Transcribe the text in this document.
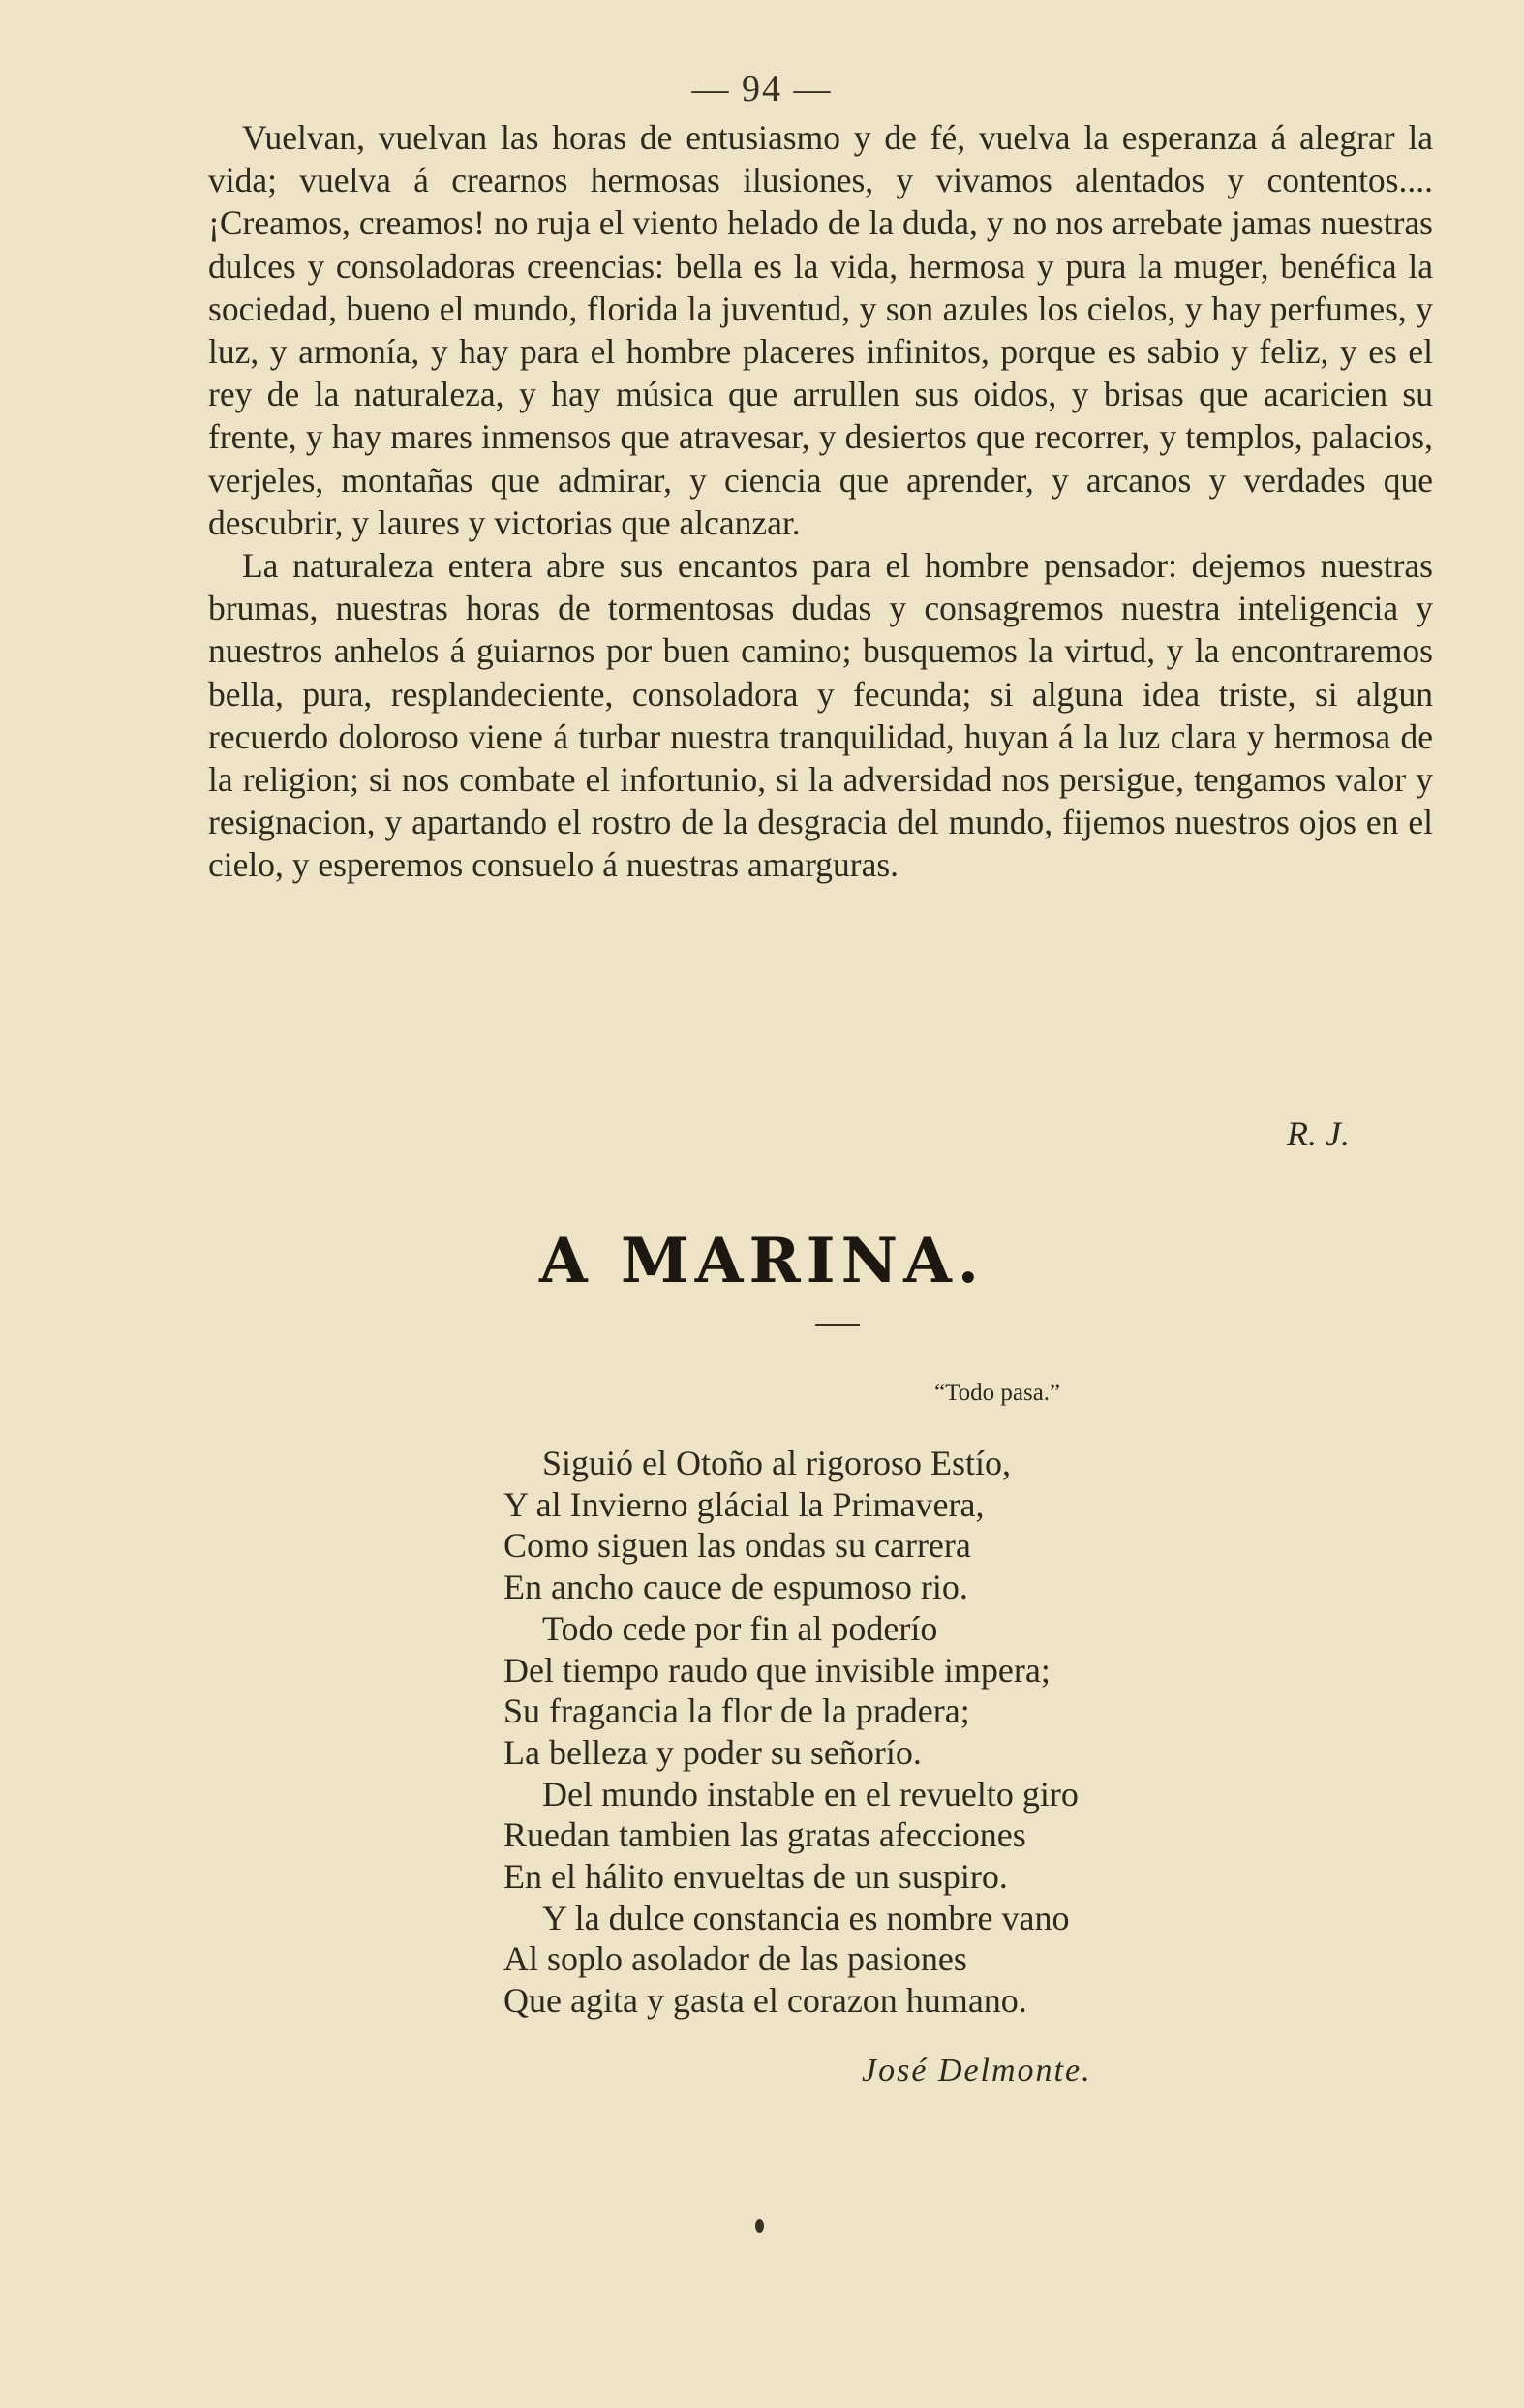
— 94 —

Vuelvan, vuelvan las horas de entusiasmo y de fé, vuelva la esperanza á alegrar la vida; vuelva á crearnos hermosas ilusiones, y vivamos alentados y contentos.... ¡Creamos, creamos! no ruja el viento helado de la duda, y no nos arrebate jamas nuestras dulces y consoladoras creencias: bella es la vida, hermosa y pura la muger, benéfica la sociedad, bueno el mundo, florida la juventud, y son azules los cielos, y hay perfumes, y luz, y armonía, y hay para el hombre placeres infinitos, porque es sabio y feliz, y es el rey de la naturaleza, y hay música que arrullen sus oidos, y brisas que acaricien su frente, y hay mares inmensos que atravesar, y desiertos que recorrer, y templos, palacios, verjeles, montañas que admirar, y ciencia que aprender, y arcanos y verdades que descubrir, y laures y victorias que alcanzar.

La naturaleza entera abre sus encantos para el hombre pensador: dejemos nuestras brumas, nuestras horas de tormentosas dudas y consagremos nuestra inteligencia y nuestros anhelos á guiarnos por buen camino; busquemos la virtud, y la encontraremos bella, pura, resplandeciente, consoladora y fecunda; si alguna idea triste, si algun recuerdo doloroso viene á turbar nuestra tranquilidad, huyan á la luz clara y hermosa de la religion; si nos combate el infortunio, si la adversidad nos persigue, tengamos valor y resignacion, y apartando el rostro de la desgracia del mundo, fijemos nuestros ojos en el cielo, y esperemos consuelo á nuestras amarguras.

R. J.
A MARINA.
“Todo pasa.”
Siguió el Otoño al rigoroso Estío,
Y al Invierno glácial la Primavera,
Como siguen las ondas su carrera
En ancho cauce de espumoso rio.
Todo cede por fin al poderío
Del tiempo raudo que invisible impera;
Su fragancia la flor de la pradera;
La belleza y poder su señorío.
Del mundo instable en el revuelto giro
Ruedan tambien las gratas afecciones
En el hálito envueltas de un suspiro.
Y la dulce constancia es nombre vano
Al soplo asolador de las pasiones
Que agita y gasta el corazon humano.
José Delmonte.
